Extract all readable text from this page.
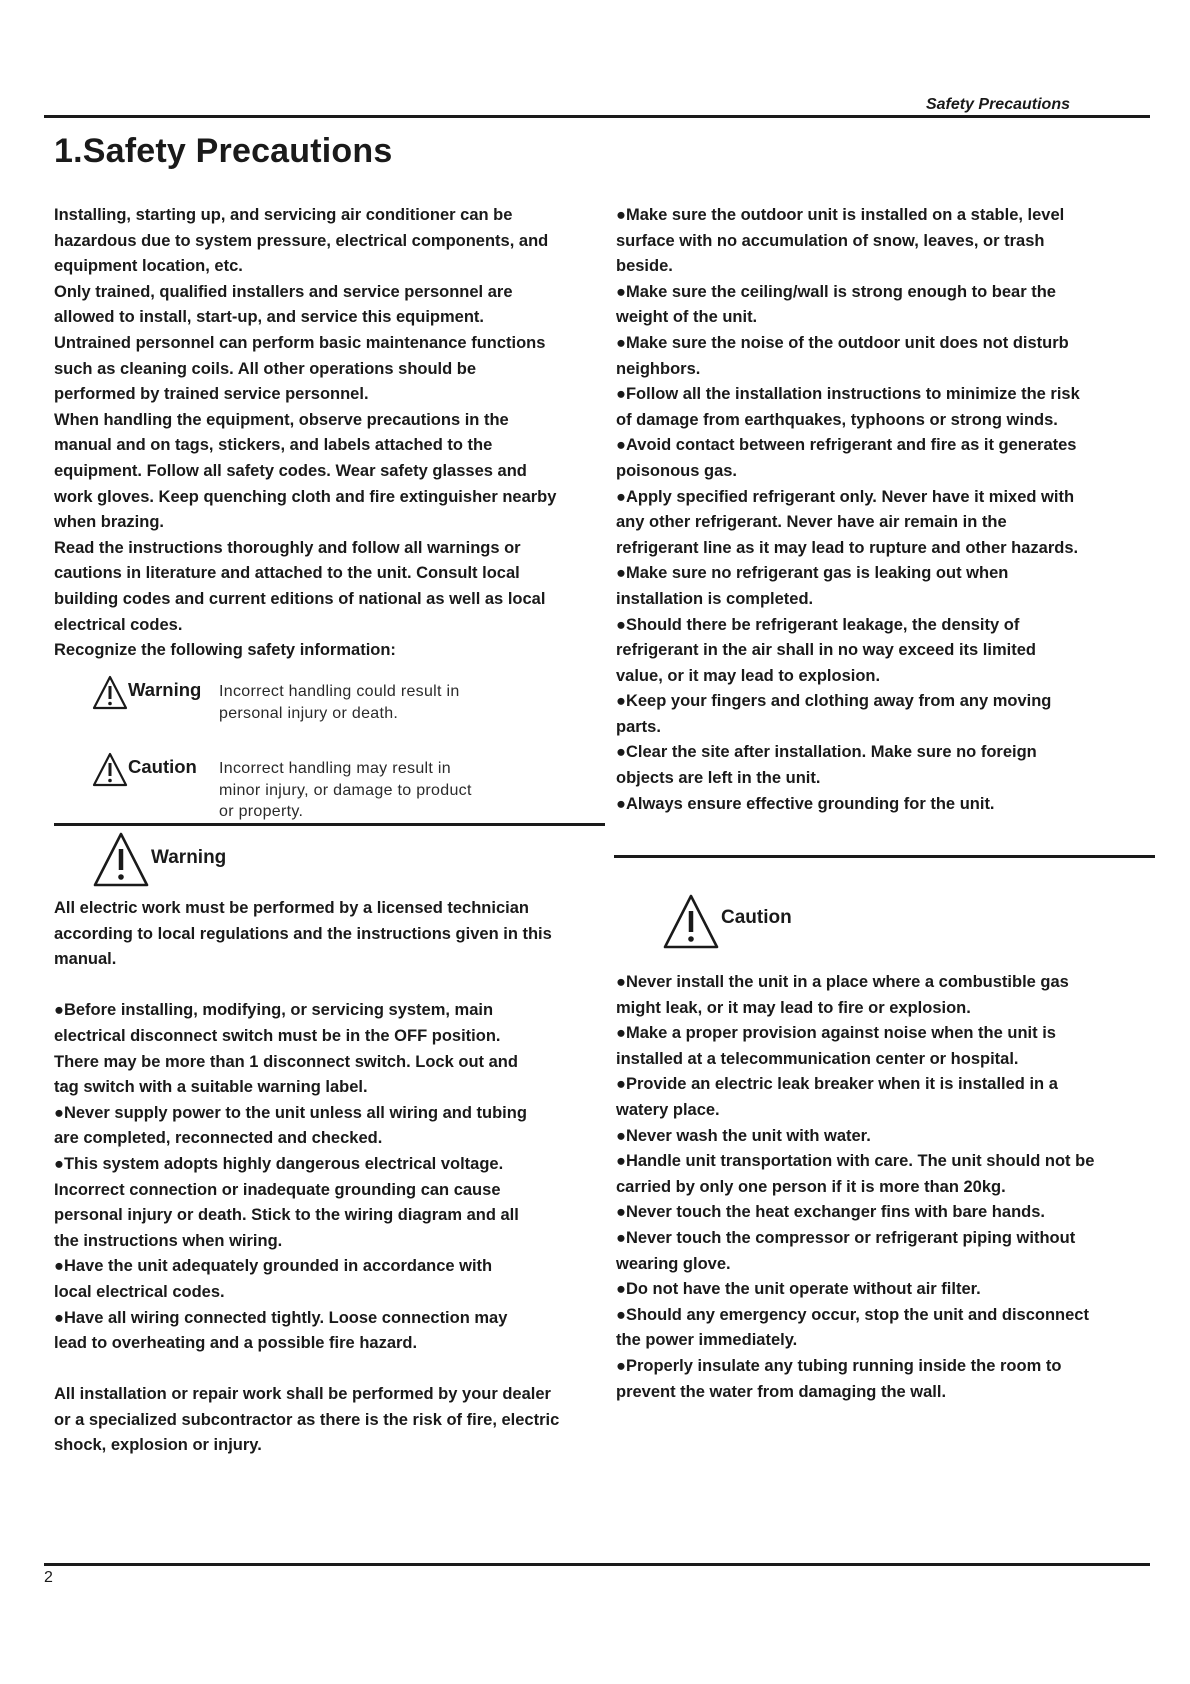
Safety Precautions
1.Safety Precautions

Installing, starting up, and servicing air conditioner can be

hazardous due to system pressure, electrical components, and

equipment location, etc.

Only trained, qualified installers and service personnel are

allowed to install, start-up, and service this equipment.

Untrained personnel can perform basic maintenance functions

such as cleaning coils. All other operations should be

performed by trained service personnel.

When handling the equipment, observe precautions in the

manual and on tags, stickers, and labels attached to the

equipment. Follow all safety codes. Wear safety glasses and

work gloves. Keep quenching cloth and fire extinguisher nearby

when brazing.

Read the instructions thoroughly and follow all warnings or

cautions in literature and attached to the unit. Consult local

building codes and current editions of national as well as local

electrical codes.

Recognize the following safety information:

Warning Incorrect handling could result in
personal injury or death.
Caution Incorrect handling may result in
minor injury, or damage to product
or property.
Warning

All electric work must be performed by a licensed technician

according to local regulations and the instructions given in this

manual.

●Before installing, modifying, or servicing system, main

electrical disconnect switch must be in the OFF position.

There may be more than 1 disconnect switch. Lock out and

tag switch with a suitable warning label.

●Never supply power to the unit unless all wiring and tubing

are completed, reconnected and checked.

●This system adopts highly dangerous electrical voltage.

Incorrect connection or inadequate grounding can cause

personal injury or death. Stick to the wiring diagram and all

the instructions when wiring.

●Have the unit adequately grounded in accordance with

local electrical codes.

●Have all wiring connected tightly. Loose connection may

lead to overheating and a possible fire hazard.

All installation or repair work shall be performed by your dealer

or a specialized subcontractor as there is the risk of fire, electric

shock, explosion or injury.

●Make sure the outdoor unit is installed on a stable, level

surface with no accumulation of snow, leaves, or trash

beside.

●Make sure the ceiling/wall is strong enough to bear the

weight of the unit.

●Make sure the noise of the outdoor unit does not disturb

neighbors.

●Follow all the installation instructions to minimize the risk

of damage from earthquakes, typhoons or strong winds.

●Avoid contact between refrigerant and fire as it generates

poisonous gas.

●Apply specified refrigerant only. Never have it mixed with

any other refrigerant. Never have air remain in the

refrigerant line as it may lead to rupture and other hazards.

●Make sure no refrigerant gas is leaking out when

installation is completed.

●Should there be refrigerant leakage, the density of

refrigerant in the air shall in no way exceed its limited

value, or it may lead to explosion.

●Keep your fingers and clothing away from any moving

parts.

●Clear the site after installation. Make sure no foreign

objects are left in the unit.

●Always ensure effective grounding for the unit.

Caution

●Never install the unit in a place where a combustible gas

might leak, or it may lead to fire or explosion.

●Make a proper provision against noise when the unit is

installed at a telecommunication center or hospital.

●Provide an electric leak breaker when it is installed in a

watery place.

●Never wash the unit with water.

●Handle unit transportation with care. The unit should not be

carried by only one person if it is more than 20kg.

●Never touch the heat exchanger fins with bare hands.

●Never touch the compressor or refrigerant piping without

wearing glove.

●Do not have the unit operate without air filter.

●Should any emergency occur, stop the unit and disconnect

the power immediately.

●Properly insulate any tubing running inside the room to

prevent the water from damaging the wall.

2
